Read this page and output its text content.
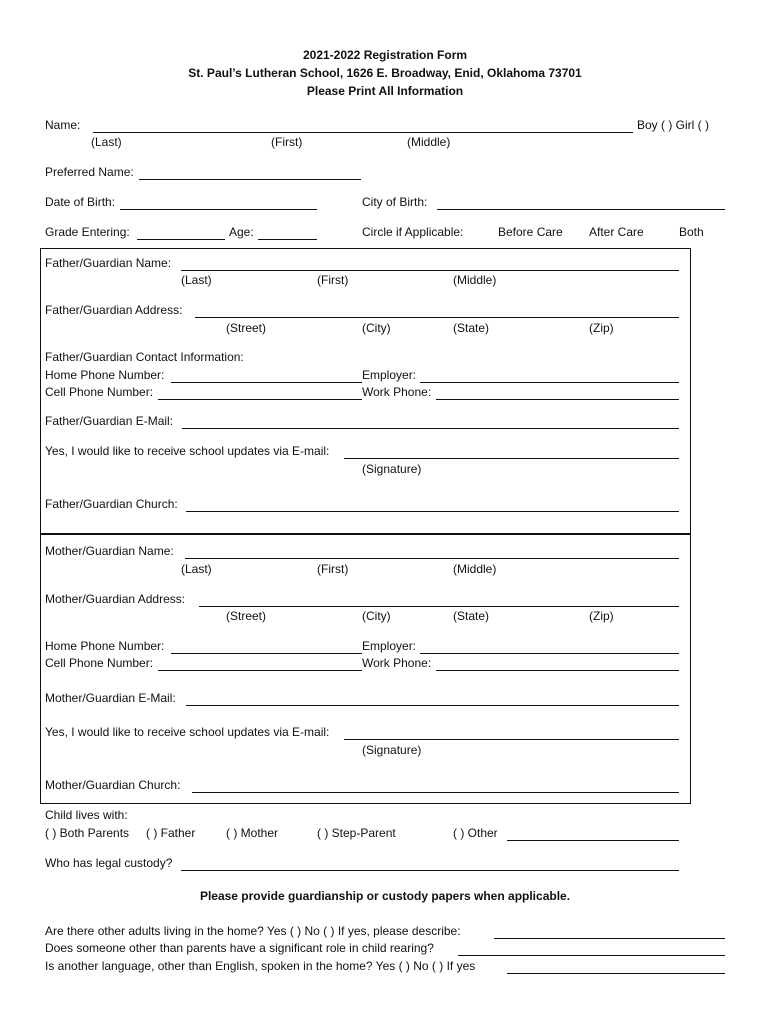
2021-2022 Registration Form
St. Paul’s Lutheran School, 1626 E. Broadway, Enid, Oklahoma 73701
Please Print All Information
Name:	Boy ( ) Girl ( )
(Last)	(First)	(Middle)
Preferred Name:
Date of Birth:	City of Birth:
Grade Entering:	Age:	Circle if Applicable:	Before Care After Care	Both
Father/Guardian Name:
(Last)	(First)	(Middle)
Father/Guardian Address:
(Street)	(City)	(State)	(Zip)
Father/Guardian Contact Information:
Home Phone Number:	Employer:
Cell Phone Number:	Work Phone:
Father/Guardian E-Mail:
Yes, I would like to receive school updates via E-mail:
(Signature)
Father/Guardian Church:
Mother/Guardian Name:
(Last)	(First)	(Middle)
Mother/Guardian Address:
(Street)	(City)	(State)	(Zip)
Home Phone Number:	Employer:
Cell Phone Number:	Work Phone:
Mother/Guardian E-Mail:
Yes, I would like to receive school updates via E-mail:
(Signature)
Mother/Guardian Church:
Child lives with:
( ) Both Parents ( ) Father	( ) Mother	( ) Step-Parent	( ) Other
Who has legal custody?
Please provide guardianship or custody papers when applicable.
Are there other adults living in the home? Yes ( ) No ( ) If yes, please describe:
Does someone other than parents have a significant role in child rearing?
Is another language, other than English, spoken in the home? Yes ( ) No ( ) If yes
